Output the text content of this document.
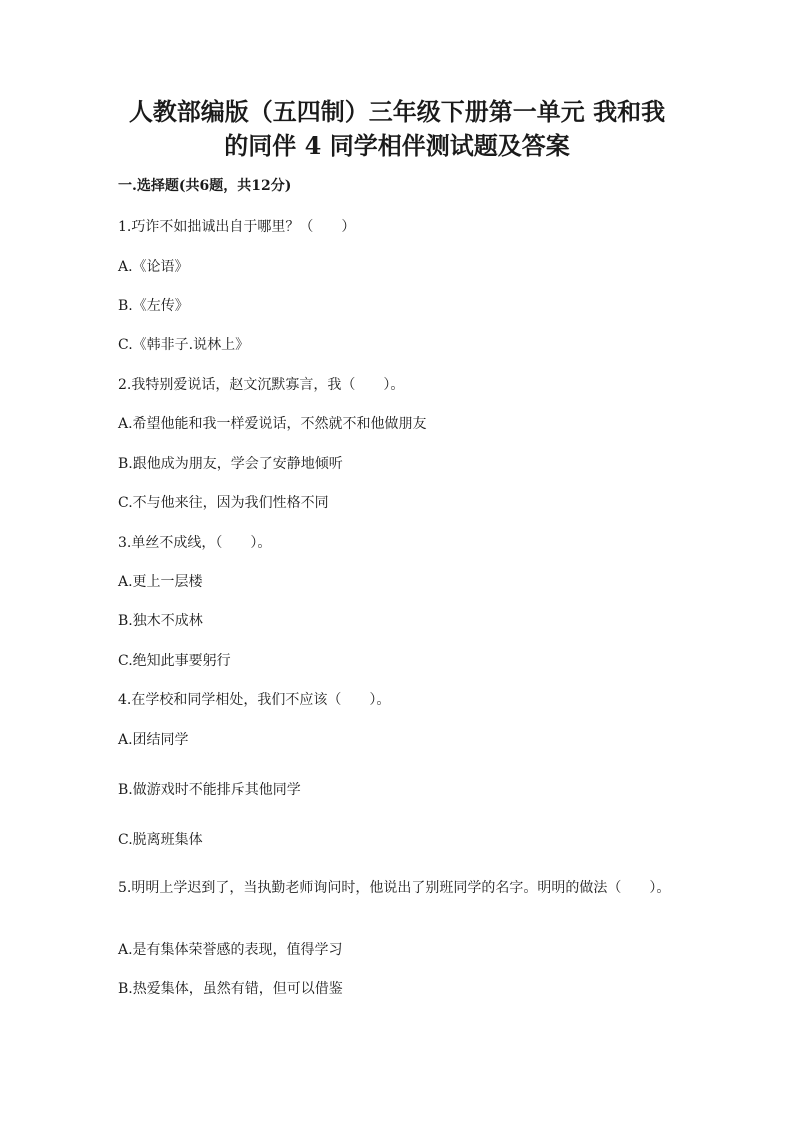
人教部编版（五四制）三年级下册第一单元 我和我
的同伴 4 同学相伴测试题及答案

一.选择题(共6题，共12分)

1.巧诈不如拙诚出自于哪里？（　　）

A.《论语》

B.《左传》

C.《韩非子.说林上》

2.我特别爱说话，赵文沉默寡言，我（　　）。

A.希望他能和我一样爱说话，不然就不和他做朋友

B.跟他成为朋友，学会了安静地倾听

C.不与他来往，因为我们性格不同

3.单丝不成线，（　　）。

A.更上一层楼

B.独木不成林

C.绝知此事要躬行

4.在学校和同学相处，我们不应该（　　）。

A.团结同学

B.做游戏时不能排斥其他同学

C.脱离班集体

5.明明上学迟到了，当执勤老师询问时，他说出了别班同学的名字。明明的做法（　　）。

A.是有集体荣誉感的表现，值得学习

B.热爱集体，虽然有错，但可以借鉴
